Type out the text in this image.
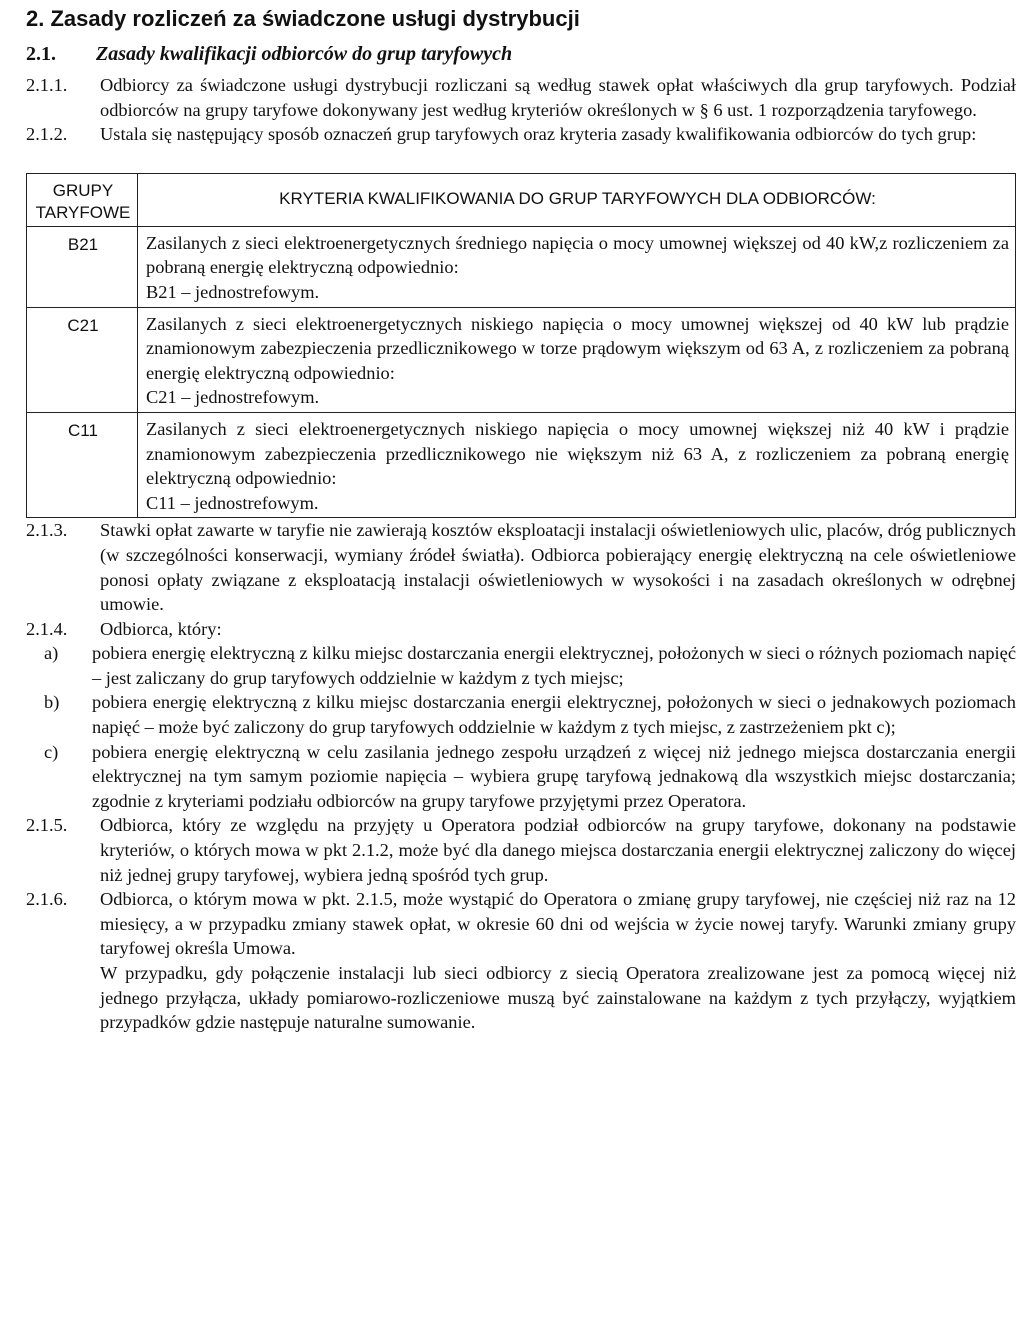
2. Zasady rozliczeń za świadczone usługi dystrybucji
2.1.	Zasady kwalifikacji odbiorców do grup taryfowych
2.1.1.	Odbiorcy za świadczone usługi dystrybucji rozliczani są według stawek opłat właściwych dla grup taryfowych. Podział odbiorców na grupy taryfowe dokonywany jest według kryteriów określonych w § 6 ust. 1 rozporządzenia taryfowego.
2.1.2.	Ustala się następujący sposób oznaczeń grup taryfowych oraz kryteria zasady kwalifikowania odbiorców do tych grup:
GRUPY TARYFOWE	KRYTERIA KWALIFIKOWANIA DO GRUP TARYFOWYCH DLA ODBIORCÓW:
B21	Zasilanych z sieci elektroenergetycznych średniego napięcia o mocy umownej większej od 40 kW,z rozliczeniem za pobraną energię elektryczną odpowiednio:
B21 – jednostrefowym.

C21	Zasilanych z sieci elektroenergetycznych niskiego napięcia o mocy umownej większej od 40 kW lub prądzie znamionowym zabezpieczenia przedlicznikowego w torze prądowym większym od 63 A, z rozliczeniem za pobraną energię elektryczną odpowiednio:
C21 – jednostrefowym.

C11	Zasilanych z sieci elektroenergetycznych niskiego napięcia o mocy umownej większej niż 40 kW i prądzie znamionowym zabezpieczenia przedlicznikowego nie większym niż 63 A, z rozliczeniem za pobraną energię elektryczną odpowiednio:
C11 – jednostrefowym.
2.1.3.	Stawki opłat zawarte w taryfie nie zawierają kosztów eksploatacji instalacji oświetleniowych ulic, placów, dróg publicznych (w szczególności konserwacji, wymiany źródeł światła). Odbiorca pobierający energię elektryczną na cele oświetleniowe ponosi opłaty związane z eksploatacją instalacji oświetleniowych w wysokości i na zasadach określonych w odrębnej umowie.
2.1.4.	Odbiorca, który:
a)	pobiera energię elektryczną z kilku miejsc dostarczania energii elektrycznej, położonych w sieci o różnych poziomach napięć – jest zaliczany do grup taryfowych oddzielnie w każdym z tych miejsc;
b)	pobiera energię elektryczną z kilku miejsc dostarczania energii elektrycznej, położonych w sieci o jednakowych poziomach napięć – może być zaliczony do grup taryfowych oddzielnie w każdym z tych miejsc, z zastrzeżeniem pkt c);
c)	pobiera energię elektryczną w celu zasilania jednego zespołu urządzeń z więcej niż jednego miejsca dostarczania energii elektrycznej na tym samym poziomie napięcia – wybiera grupę taryfową jednakową dla wszystkich miejsc dostarczania; zgodnie z kryteriami podziału odbiorców na grupy taryfowe przyjętymi przez Operatora.
2.1.5.	Odbiorca, który ze względu na przyjęty u Operatora podział odbiorców na grupy taryfowe, dokonany na podstawie kryteriów, o których mowa w pkt 2.1.2, może być dla danego miejsca dostarczania energii elektrycznej zaliczony do więcej niż jednej grupy taryfowej, wybiera jedną spośród tych grup.
2.1.6.	Odbiorca, o którym mowa w pkt. 2.1.5, może wystąpić do Operatora o zmianę grupy taryfowej, nie częściej niż raz na 12 miesięcy, a w przypadku zmiany stawek opłat, w okresie 60 dni od wejścia w życie nowej taryfy. Warunki zmiany grupy taryfowej określa Umowa.
W przypadku, gdy połączenie instalacji lub sieci odbiorcy z siecią Operatora zrealizowane jest za pomocą więcej niż jednego przyłącza, układy pomiarowo-rozliczeniowe muszą być zainstalowane na każdym z tych przyłączy, wyjątkiem przypadków gdzie następuje naturalne sumowanie.
